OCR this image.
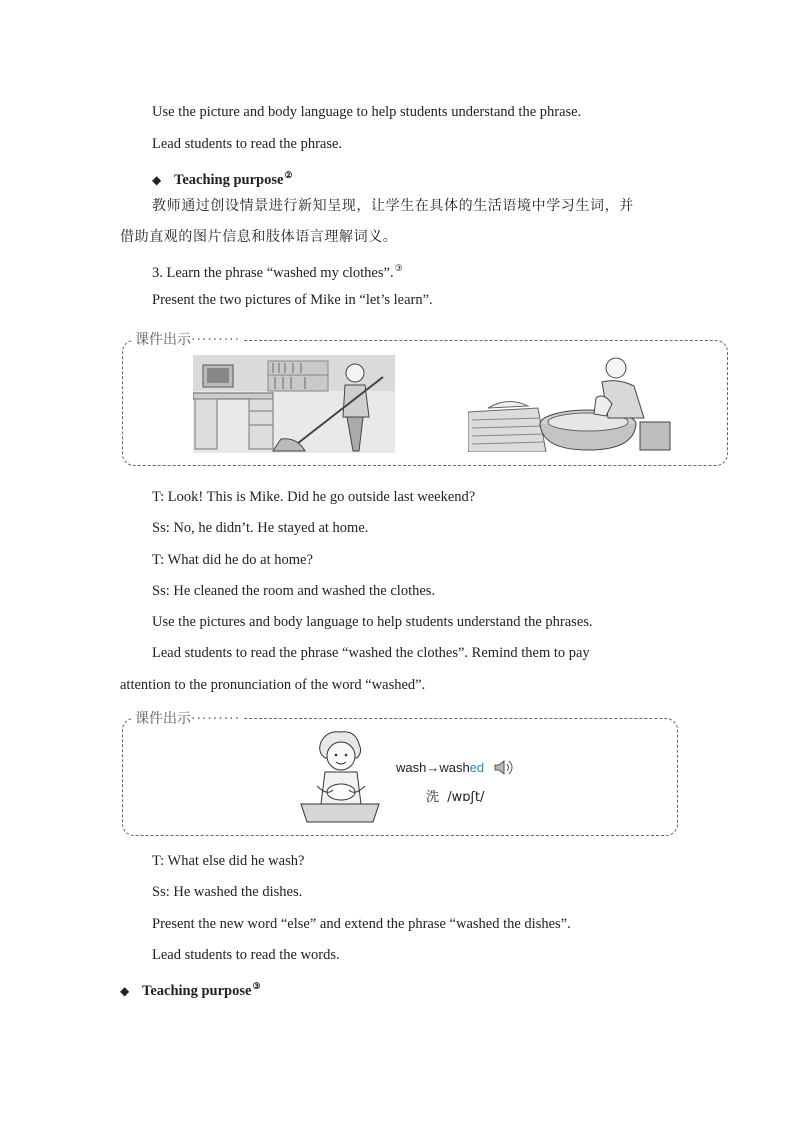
Use the picture and body language to help students understand the phrase.
Lead students to read the phrase.
◆ Teaching purpose②
教师通过创设情景进行新知呈现，让学生在具体的生活语境中学习生词，并
借助直观的图片信息和肢体语言理解词义。
3. Learn the phrase “washed my clothes”.③
Present the two pictures of Mike in “let’s learn”.
课件出示·········
T: Look! This is Mike. Did he go outside last weekend?
Ss: No, he didn’t. He stayed at home.
T: What did he do at home?
Ss: He cleaned the room and washed the clothes.
Use the pictures and body language to help students understand the phrases.
Lead students to read the phrase “washed the clothes”. Remind them to pay
attention to the pronunciation of the word “washed”.
课件出示·········
wash→washed
洗 /wɒʃt/
T: What else did he wash?
Ss: He washed the dishes.
Present the new word “else” and extend the phrase “washed the dishes”.
Lead students to read the words.
◆ Teaching purpose③
